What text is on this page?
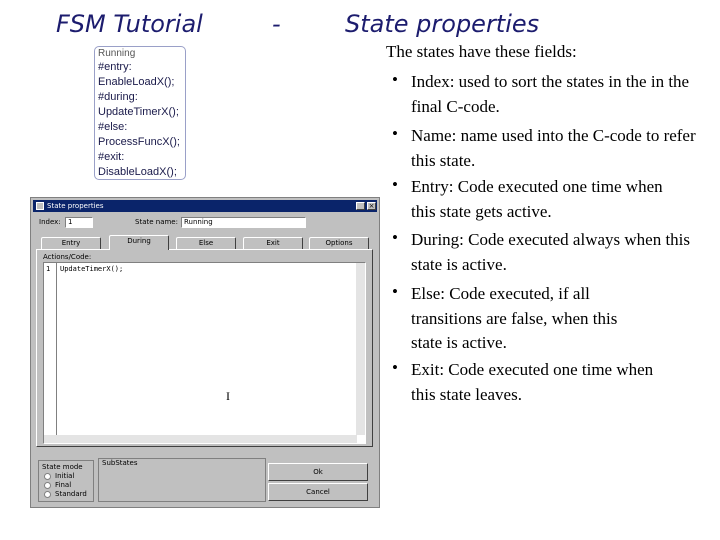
FSM Tutorial	-	State properties
Running
#entry:
EnableLoadX();
#during:
UpdateTimerX();
#else:
ProcessFuncX();
#exit:
DisableLoadX();
State properties	×
Index:	1	State name: Running
Entry	During	Else	Exit	Options
Actions/Code:
1 UpdateTimerX();
I
State mode
Initial
Final
Standard
SubStates
Ok
Cancel
The states have these fields:
• Index: used to sort the states in the in the final C-code.
• Name: name used into the C-code to refer this state.
• Entry: Code executed one time when this state gets active.
• During: Code executed always when this state is active.
• Else: Code executed, if all transitions are false, when this state is active.
• Exit: Code executed one time when this state leaves.
